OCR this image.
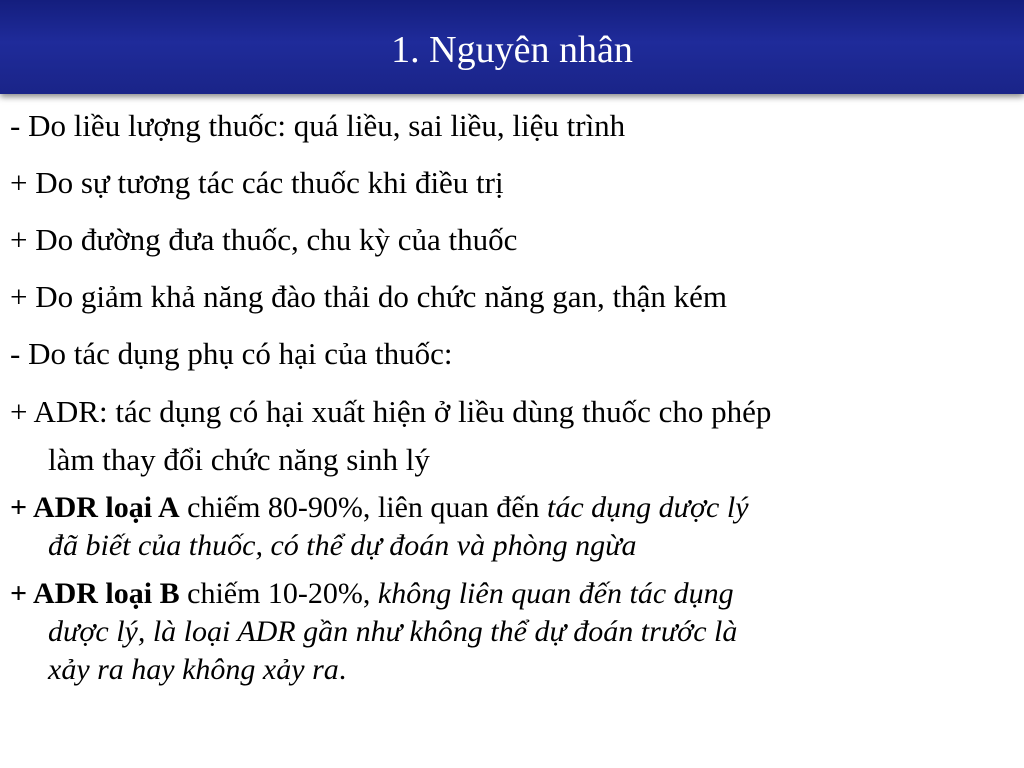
1. Nguyên nhân
- Do liều lượng thuốc: quá liều, sai liều, liệu trình
+ Do sự tương tác các thuốc khi điều trị
+ Do đường đưa thuốc, chu kỳ của thuốc
+ Do giảm khả năng đào thải do chức năng gan, thận kém
- Do tác dụng phụ có hại của thuốc:
+ ADR: tác dụng có hại xuất hiện ở liều dùng thuốc cho phép
làm thay đổi chức năng sinh lý
+ ADR loại A chiếm 80-90%, liên quan đến tác dụng dược lý
đã biết của thuốc, có thể dự đoán và phòng ngừa
+ ADR loại B chiếm 10-20%, không liên quan đến tác dụng
dược lý, là loại ADR gần như không thể dự đoán trước là
xảy ra hay không xảy ra.
